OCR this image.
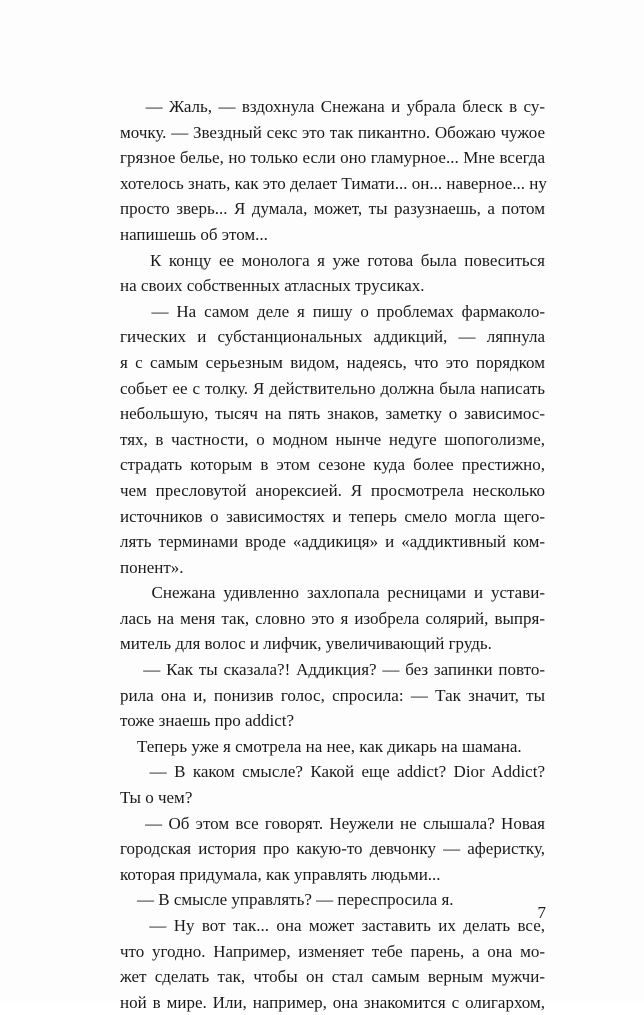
— Жаль, — вздохнула Снежана и убрала блеск в су-
мочку. — Звездный секс это так пикантно. Обожаю чужое
грязное белье, но только если оно гламурное... Мне всегда
хотелось знать, как это делает Тимати... он... наверное... ну
просто зверь... Я думала, может, ты разузнаешь, а потом
напишешь об этом...
К концу ее монолога я уже готова была повеситься
на своих собственных атласных трусиках.
— На самом деле я пишу о проблемах фармаколо-
гических и субстанциональных аддикций, — ляпнула
я с самым серьезным видом, надеясь, что это порядком
собьет ее с толку. Я действительно должна была написать
небольшую, тысяч на пять знаков, заметку о зависимос-
тях, в частности, о модном нынче недуге шопоголизме,
страдать которым в этом сезоне куда более престижно,
чем пресловутой анорексией. Я просмотрела несколько
источников о зависимостях и теперь смело могла щего-
лять терминами вроде «аддикиця» и «аддиктивный ком-
понент».
Снежана удивленно захлопала ресницами и устави-
лась на меня так, словно это я изобрела солярий, выпря-
митель для волос и лифчик, увеличивающий грудь.
— Как ты сказала?! Аддикция? — без запинки повто-
рила она и, понизив голос, спросила: — Так значит, ты
тоже знаешь про addict?
Теперь уже я смотрела на нее, как дикарь на шамана.
— В каком смысле? Какой еще addict? Dior Addict?
Ты о чем?
— Об этом все говорят. Неужели не слышала? Новая
городская история про какую-то девчонку — аферистку,
которая придумала, как управлять людьми...
— В смысле управлять? — переспросила я.
— Ну вот так... она может заставить их делать все,
что угодно. Например, изменяет тебе парень, а она мо-
жет сделать так, чтобы он стал самым верным мужчи-
ной в мире. Или, например, она знакомится с олигархом,
7
